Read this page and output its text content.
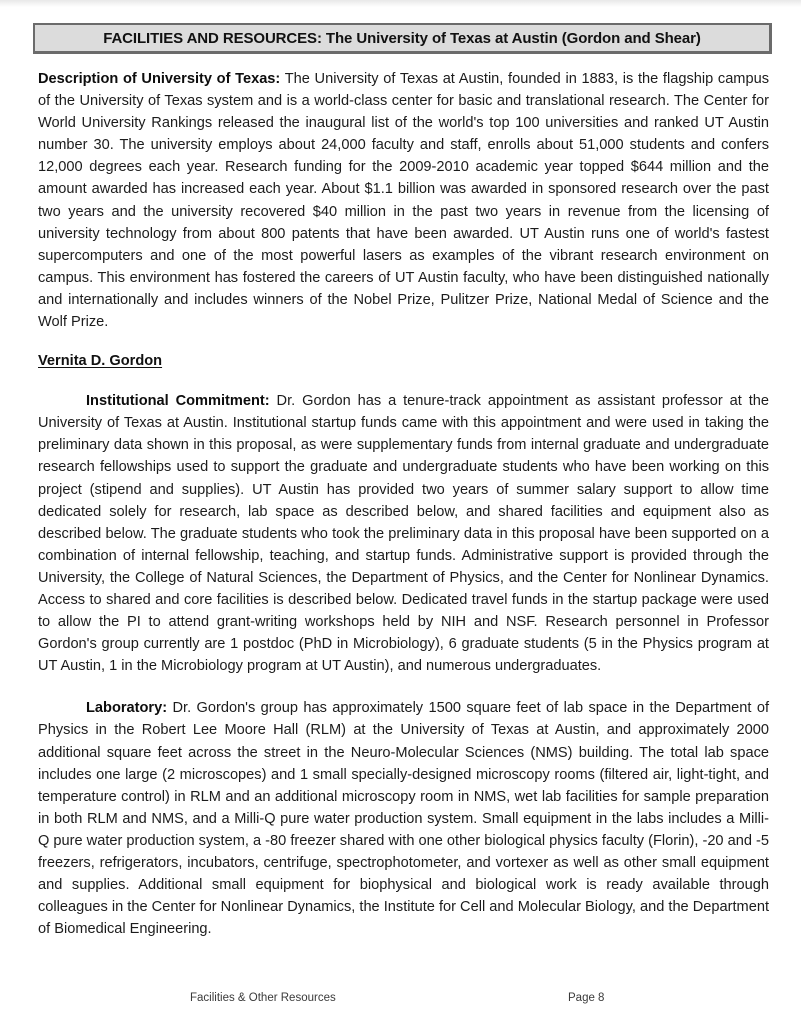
FACILITIES AND RESOURCES: The University of Texas at Austin (Gordon and Shear)

Description of University of Texas: The University of Texas at Austin, founded in 1883, is the flagship campus of the University of Texas system and is a world-class center for basic and translational research. The Center for World University Rankings released the inaugural list of the world's top 100 universities and ranked UT Austin number 30. The university employs about 24,000 faculty and staff, enrolls about 51,000 students and confers 12,000 degrees each year. Research funding for the 2009-2010 academic year topped $644 million and the amount awarded has increased each year. About $1.1 billion was awarded in sponsored research over the past two years and the university recovered $40 million in the past two years in revenue from the licensing of university technology from about 800 patents that have been awarded. UT Austin runs one of world's fastest supercomputers and one of the most powerful lasers as examples of the vibrant research environment on campus. This environment has fostered the careers of UT Austin faculty, who have been distinguished nationally and internationally and includes winners of the Nobel Prize, Pulitzer Prize, National Medal of Science and the Wolf Prize.

Vernita D. Gordon

Institutional Commitment: Dr. Gordon has a tenure-track appointment as assistant professor at the University of Texas at Austin. Institutional startup funds came with this appointment and were used in taking the preliminary data shown in this proposal, as were supplementary funds from internal graduate and undergraduate research fellowships used to support the graduate and undergraduate students who have been working on this project (stipend and supplies). UT Austin has provided two years of summer salary support to allow time dedicated solely for research, lab space as described below, and shared facilities and equipment also as described below. The graduate students who took the preliminary data in this proposal have been supported on a combination of internal fellowship, teaching, and startup funds. Administrative support is provided through the University, the College of Natural Sciences, the Department of Physics, and the Center for Nonlinear Dynamics. Access to shared and core facilities is described below. Dedicated travel funds in the startup package were used to allow the PI to attend grant-writing workshops held by NIH and NSF. Research personnel in Professor Gordon's group currently are 1 postdoc (PhD in Microbiology), 6 graduate students (5 in the Physics program at UT Austin, 1 in the Microbiology program at UT Austin), and numerous undergraduates.

Laboratory: Dr. Gordon's group has approximately 1500 square feet of lab space in the Department of Physics in the Robert Lee Moore Hall (RLM) at the University of Texas at Austin, and approximately 2000 additional square feet across the street in the Neuro-Molecular Sciences (NMS) building. The total lab space includes one large (2 microscopes) and 1 small specially-designed microscopy rooms (filtered air, light-tight, and temperature control) in RLM and an additional microscopy room in NMS, wet lab facilities for sample preparation in both RLM and NMS, and a Milli-Q pure water production system. Small equipment in the labs includes a Milli-Q pure water production system, a -80 freezer shared with one other biological physics faculty (Florin), -20 and -5 freezers, refrigerators, incubators, centrifuge, spectrophotometer, and vortexer as well as other small equipment and supplies. Additional small equipment for biophysical and biological work is ready available through colleagues in the Center for Nonlinear Dynamics, the Institute for Cell and Molecular Biology, and the Department of Biomedical Engineering.

Facilities & Other Resources	Page 8
